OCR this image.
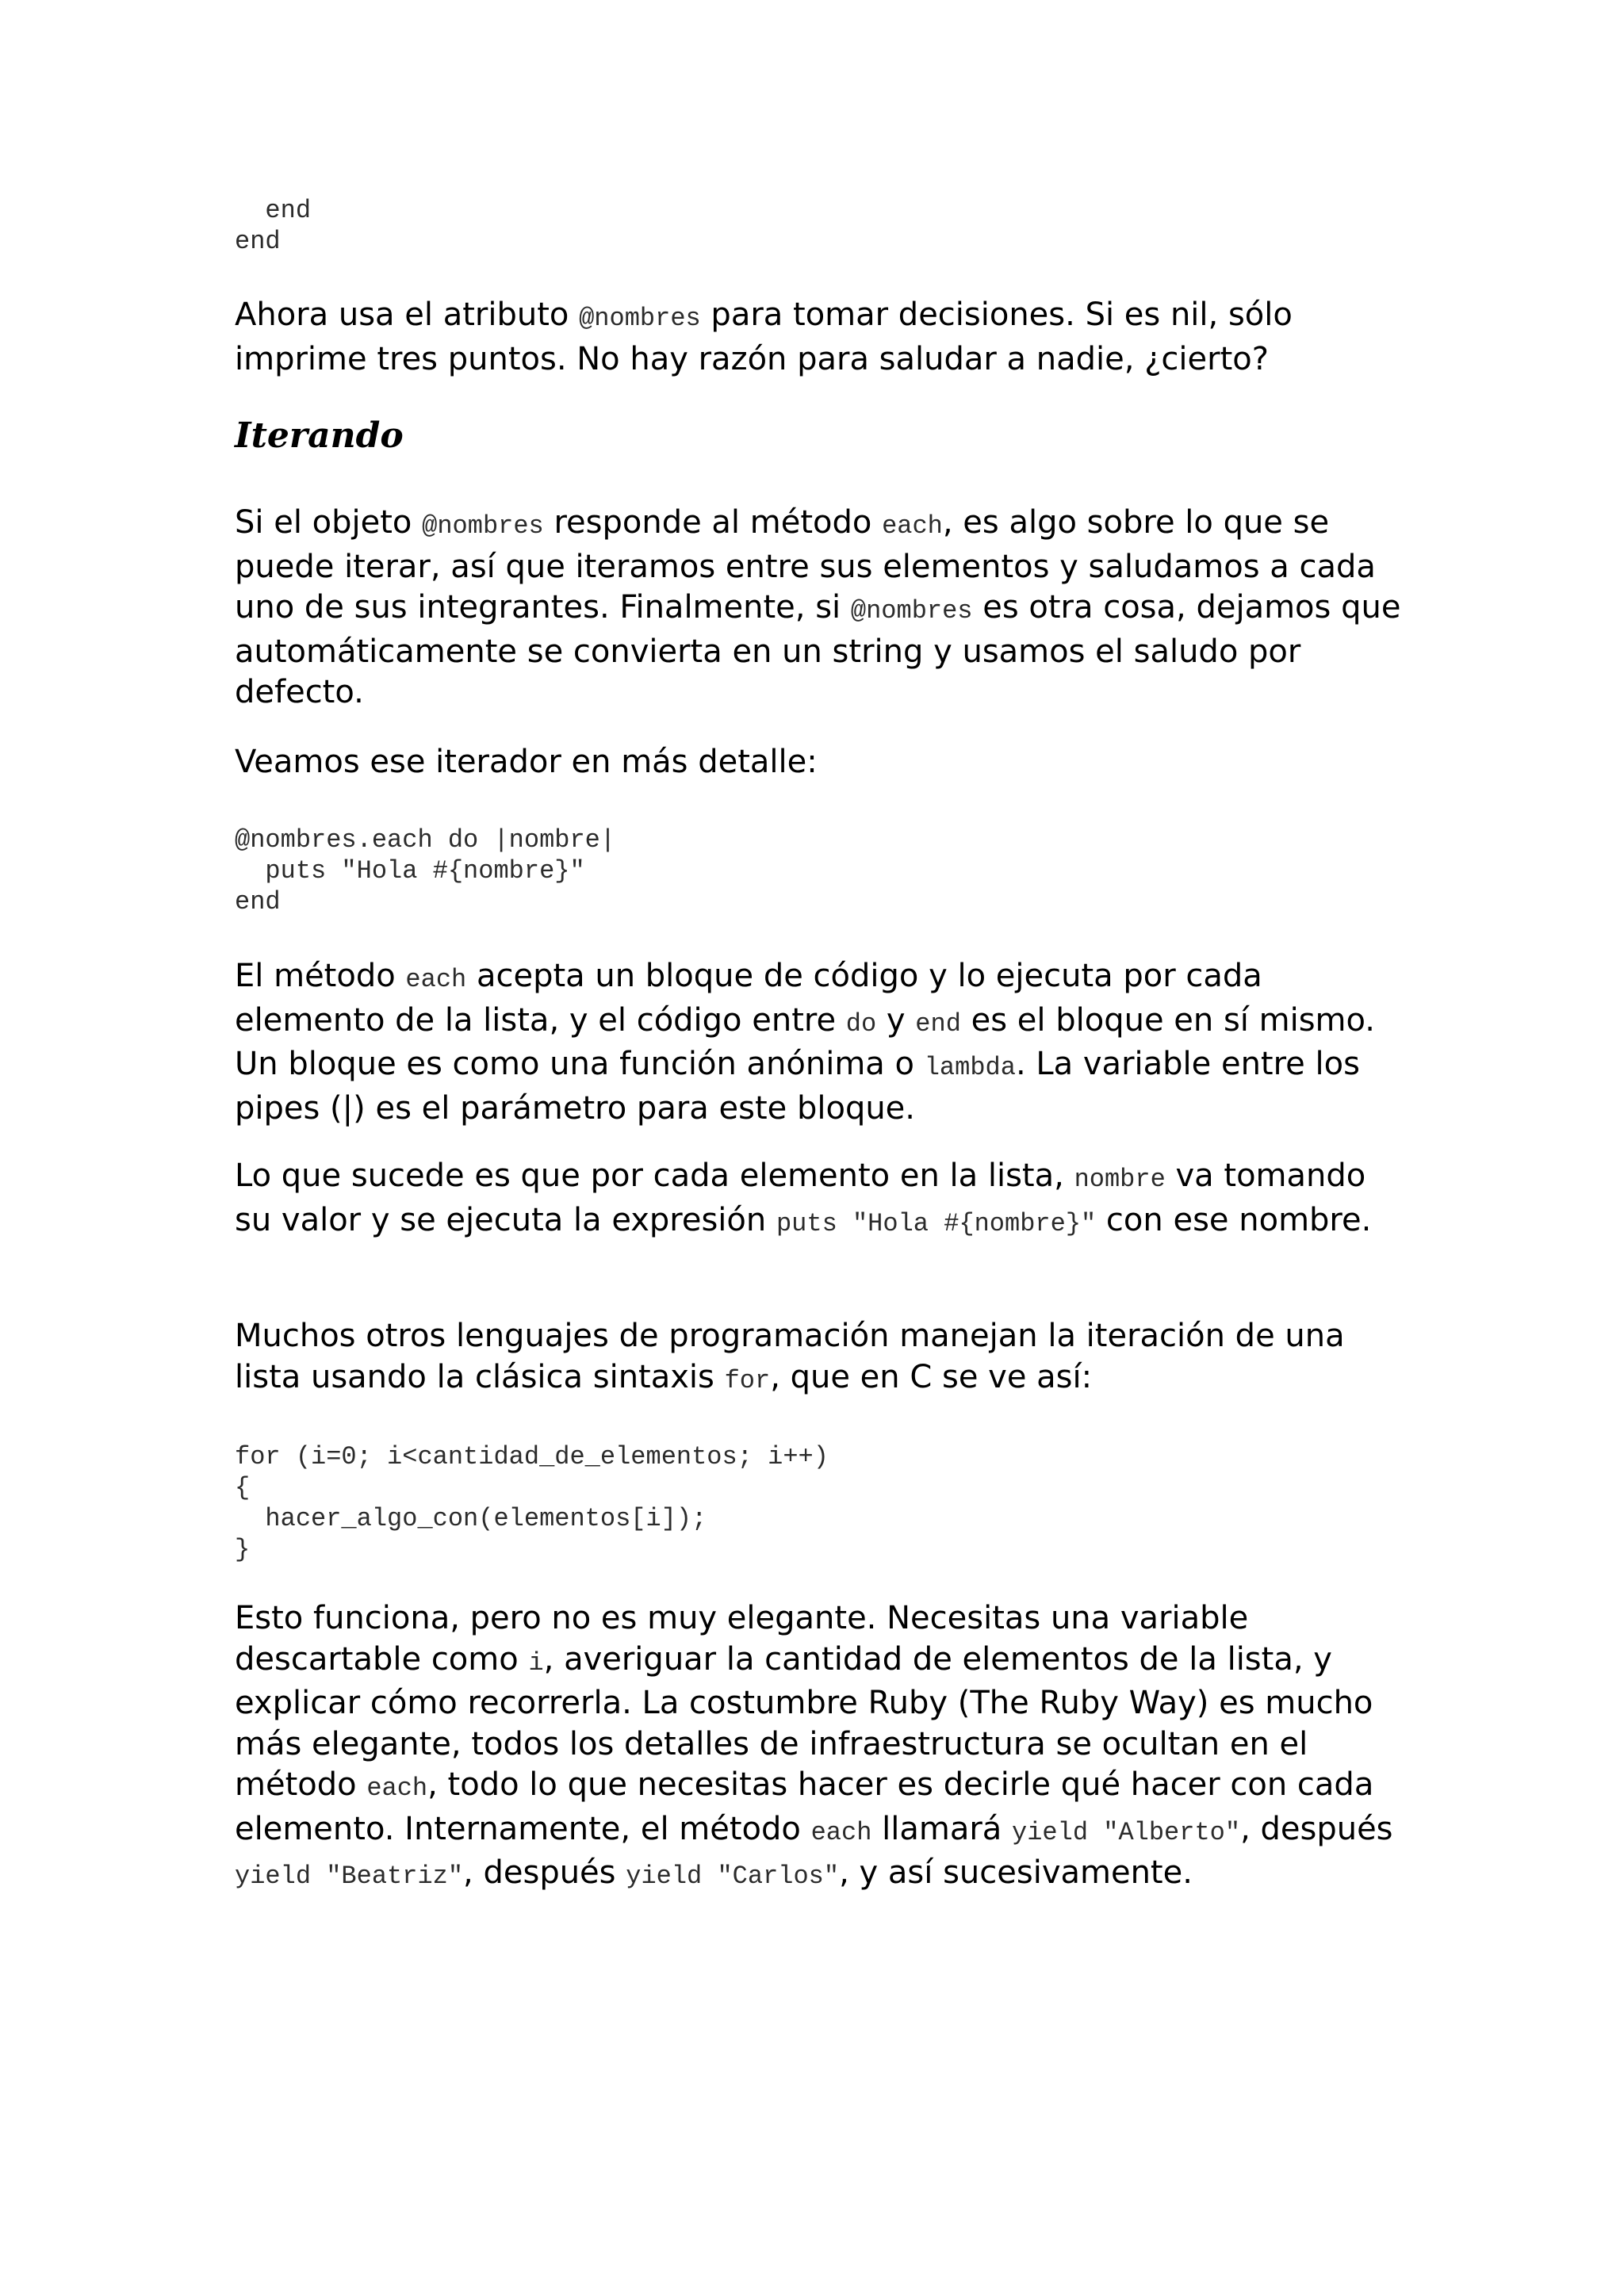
end
end

Ahora usa el atributo @nombres para tomar decisiones. Si es nil, sólo imprime tres puntos. No hay razón para saludar a nadie, ¿cierto?

Iterando

Si el objeto @nombres responde al método each, es algo sobre lo que se puede iterar, así que iteramos entre sus elementos y saludamos a cada uno de sus integrantes. Finalmente, si @nombres es otra cosa, dejamos que automáticamente se convierta en un string y usamos el saludo por defecto.

Veamos ese iterador en más detalle:

@nombres.each do |nombre|
puts "Hola #{nombre}"
end

El método each acepta un bloque de código y lo ejecuta por cada elemento de la lista, y el código entre do y end es el bloque en sí mismo. Un bloque es como una función anónima o lambda. La variable entre los pipes (|) es el parámetro para este bloque.

Lo que sucede es que por cada elemento en la lista, nombre va tomando su valor y se ejecuta la expresión puts "Hola #{nombre}" con ese nombre.

Muchos otros lenguajes de programación manejan la iteración de una lista usando la clásica sintaxis for, que en C se ve así:

for (i=0; i<cantidad_de_elementos; i++)
{
hacer_algo_con(elementos[i]);
}

Esto funciona, pero no es muy elegante. Necesitas una variable descartable como i, averiguar la cantidad de elementos de la lista, y explicar cómo recorrerla. La costumbre Ruby (The Ruby Way) es mucho más elegante, todos los detalles de infraestructura se ocultan en el método each, todo lo que necesitas hacer es decirle qué hacer con cada elemento. Internamente, el método each llamará yield "Alberto", después yield "Beatriz", después yield "Carlos", y así sucesivamente.
